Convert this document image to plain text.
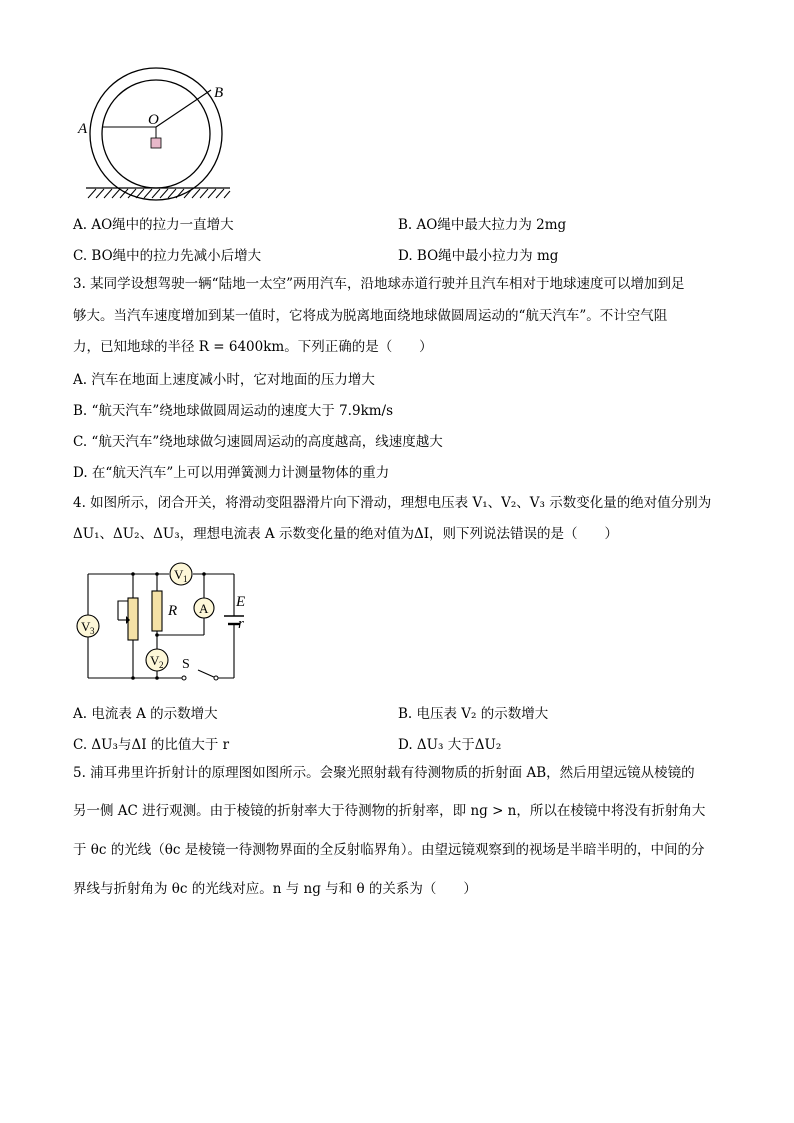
A
O
B
A. AO绳中的拉力一直增大	B. AO绳中最大拉力为 2mg
C. BO绳中的拉力先减小后增大	D. BO绳中最小拉力为 mg
3. 某同学设想驾驶一辆“陆地一太空”两用汽车，沿地球赤道行驶并且汽车相对于地球速度可以增加到足
够大。当汽车速度增加到某一值时，它将成为脱离地面绕地球做圆周运动的“航天汽车”。不计空气阻
力，已知地球的半径 R = 6400km。下列正确的是（　　）
A. 汽车在地面上速度减小时，它对地面的压力增大
B. “航天汽车”绕地球做圆周运动的速度大于 7.9km/s
C. “航天汽车”绕地球做匀速圆周运动的高度越高，线速度越大
D. 在“航天汽车”上可以用弹簧测力计测量物体的重力
4. 如图所示，闭合开关，将滑动变阻器滑片向下滑动，理想电压表 V₁、V₂、V₃ 示数变化量的绝对值分别为
ΔU₁、ΔU₂、ΔU₃，理想电流表 A 示数变化量的绝对值为ΔI，则下列说法错误的是（　　）
V 1
V 2
V 3
A
R
E
r
S
A. 电流表 A 的示数增大	B. 电压表 V₂ 的示数增大
C. ΔU₃与ΔI 的比值大于 r	D. ΔU₃ 大于ΔU₂
5. 浦耳弗里许折射计的原理图如图所示。会聚光照射载有待测物质的折射面 AB，然后用望远镜从棱镜的
另一侧 AC 进行观测。由于棱镜的折射率大于待测物的折射率，即 nɡ > n，所以在棱镜中将没有折射角大
于 θc 的光线（θc 是棱镜一待测物界面的全反射临界角）。由望远镜观察到的视场是半暗半明的，中间的分
界线与折射角为 θc 的光线对应。n 与 nɡ 与和 θ 的关系为（　　）
